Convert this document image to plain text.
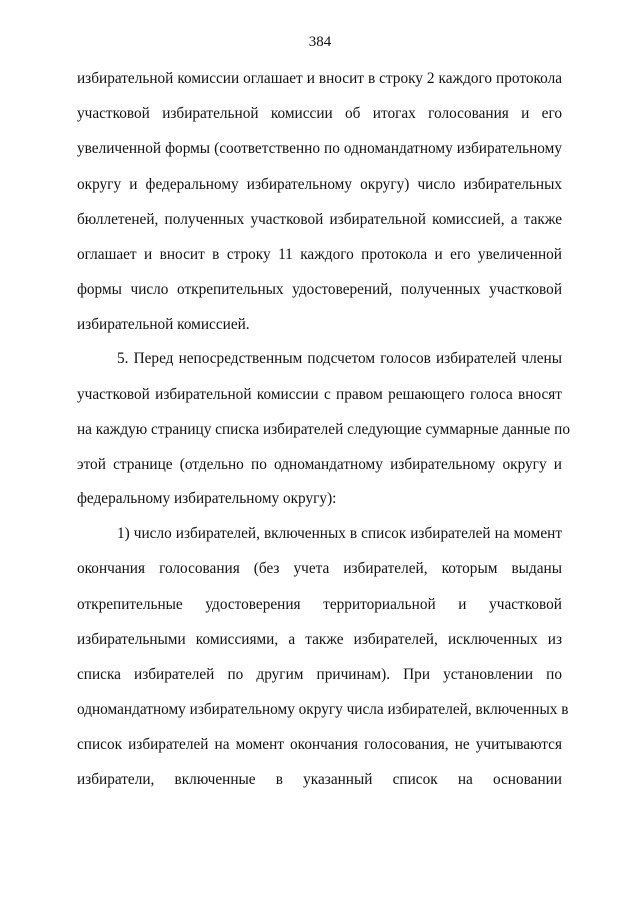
384
избирательной комиссии оглашает и вносит в строку 2 каждого протокола
участковой избирательной комиссии об итогах голосования и его
увеличенной формы (соответственно по одномандатному избирательному
округу и федеральному избирательному округу) число избирательных
бюллетеней, полученных участковой избирательной комиссией, а также
оглашает и вносит в строку 11 каждого протокола и его увеличенной
формы число открепительных удостоверений, полученных участковой
избирательной комиссией.
5. Перед непосредственным подсчетом голосов избирателей члены
участковой избирательной комиссии с правом решающего голоса вносят
на каждую страницу списка избирателей следующие суммарные данные по
этой странице (отдельно по одномандатному избирательному округу и
федеральному избирательному округу):
1) число избирателей, включенных в список избирателей на момент
окончания голосования (без учета избирателей, которым выданы
открепительные удостоверения территориальной и участковой
избирательными комиссиями, а также избирателей, исключенных из
списка избирателей по другим причинам). При установлении по
одномандатному избирательному округу числа избирателей, включенных в
список избирателей на момент окончания голосования, не учитываются
избиратели, включенные в указанный список на основании
